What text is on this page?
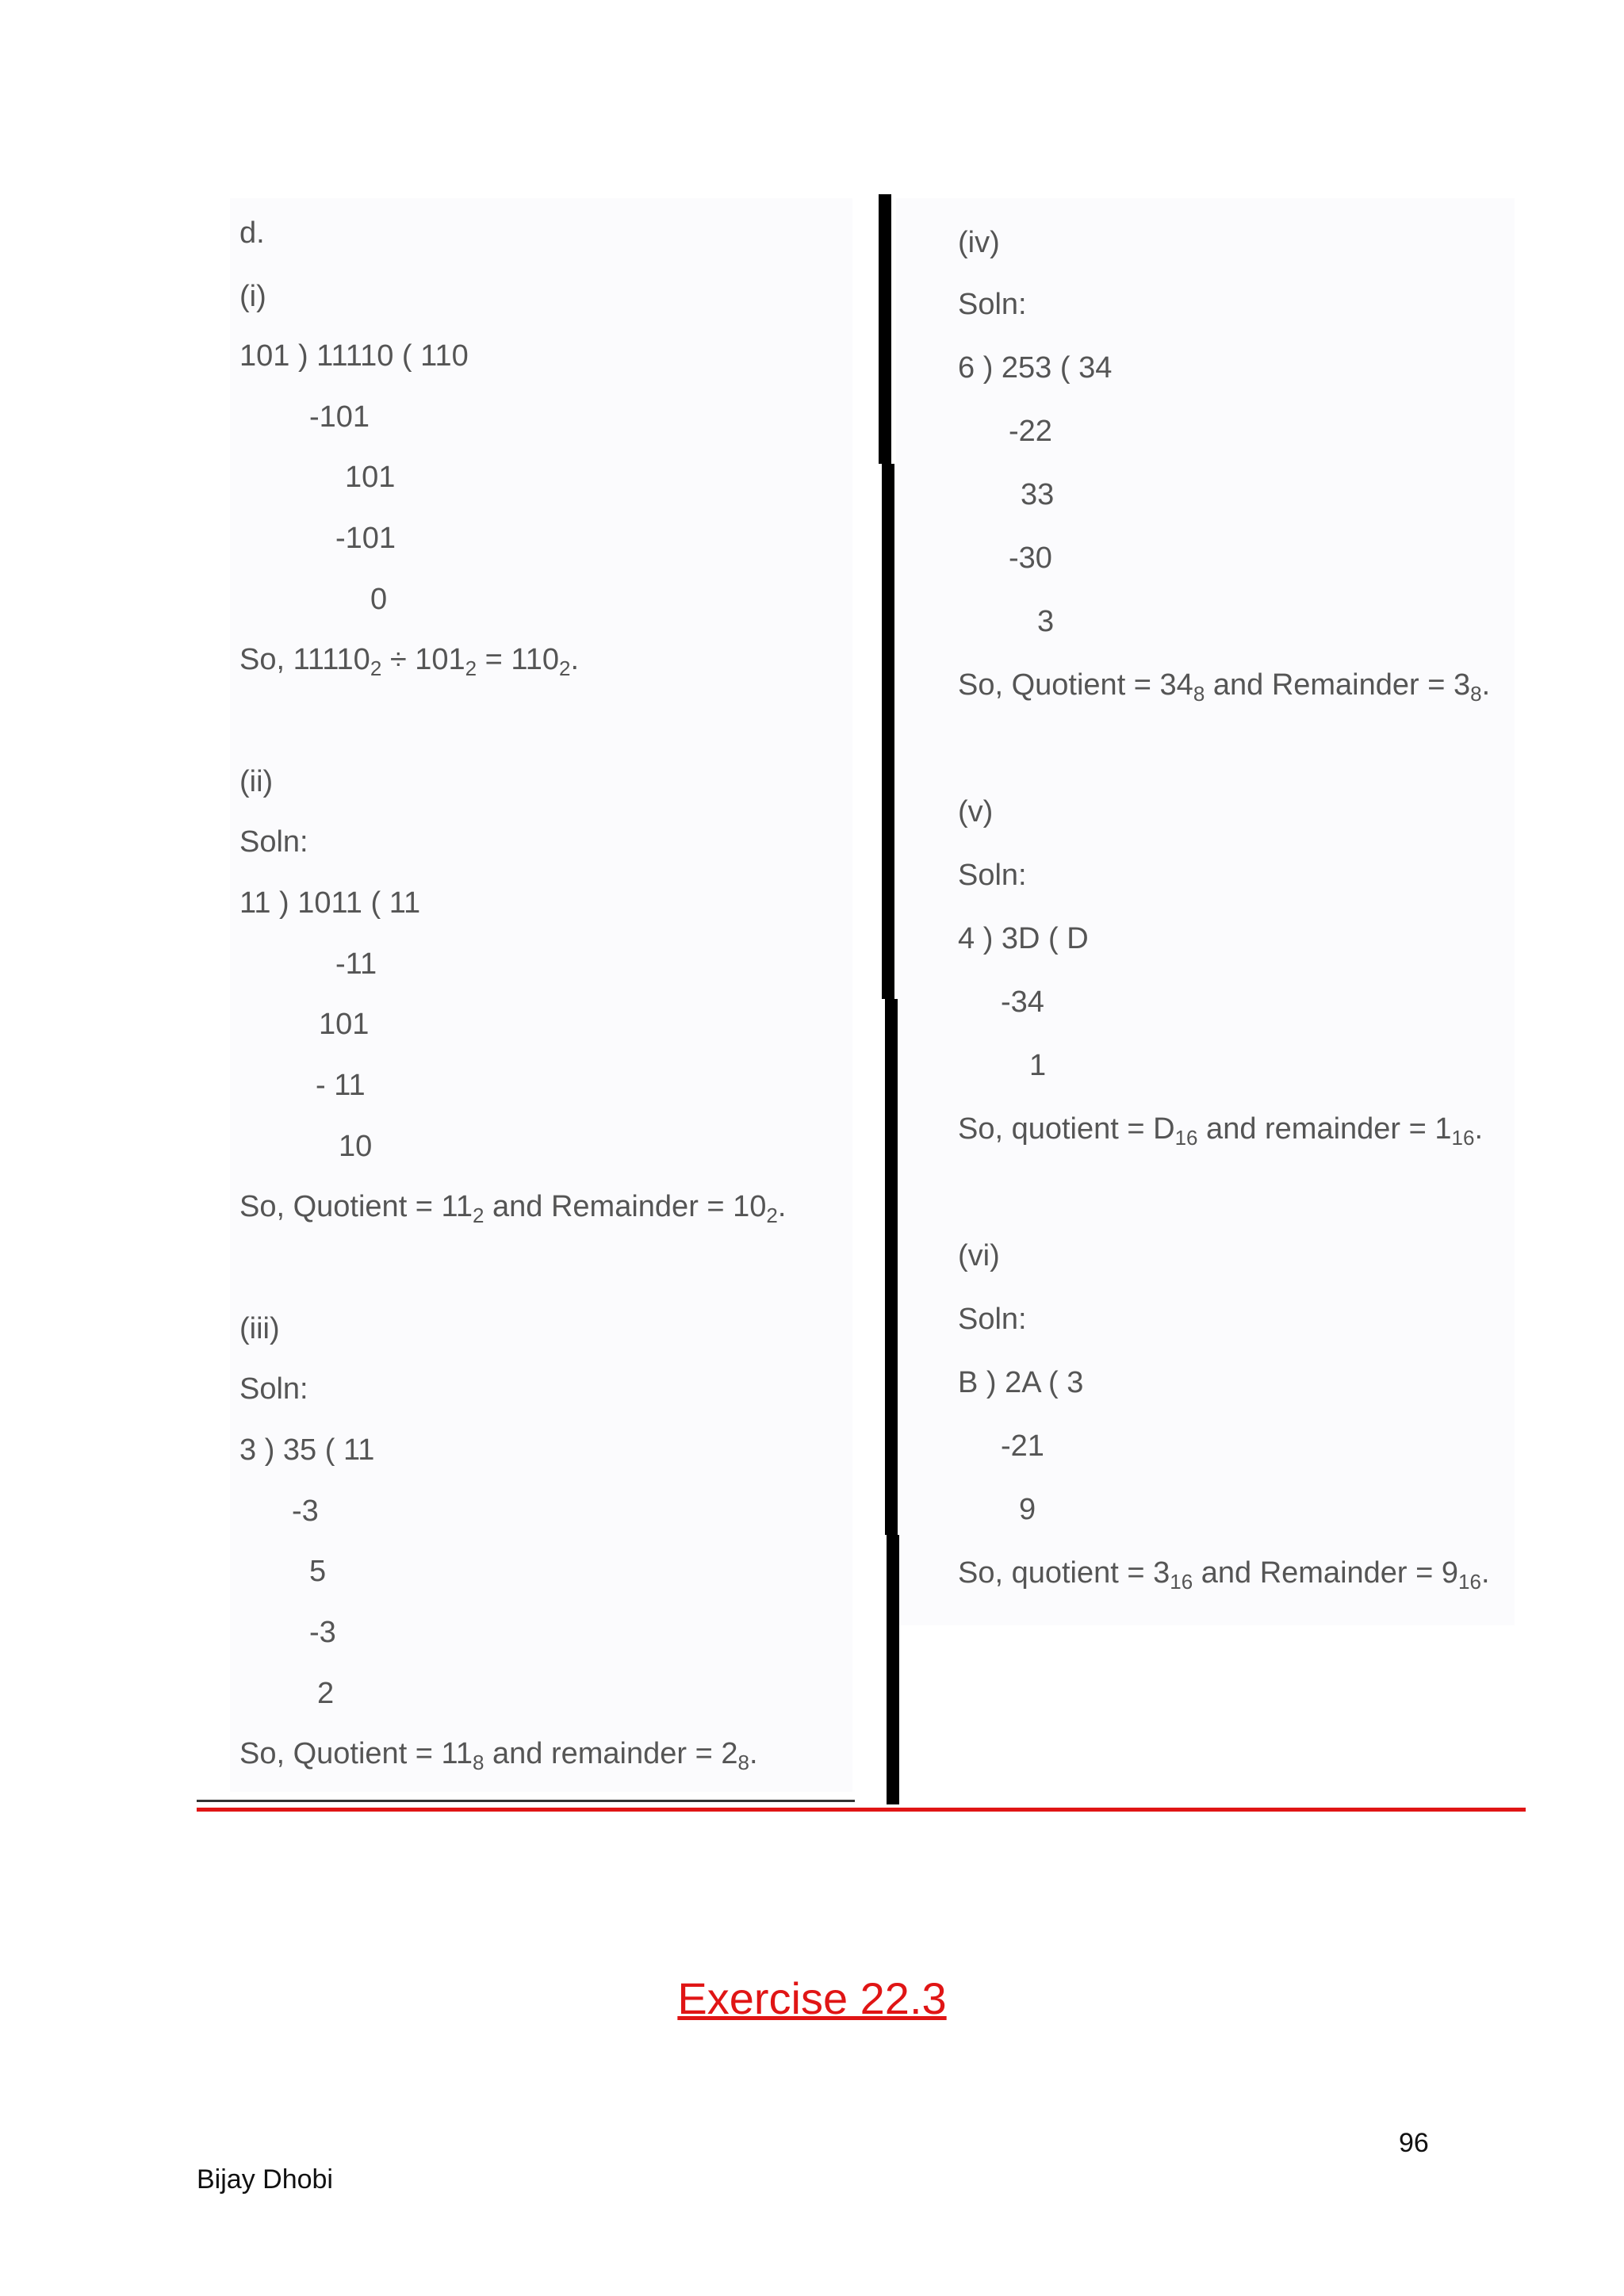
d.
(i)
101 ) 11110 ( 110
-101
101
-101
0
So, $11110_2 \div 101_2 = 110_2$.
(ii)
Soln:
11 ) 1011 ( 11
-11
101
- 11
10
So, Quotient = $11_2$ and Remainder = $10_2$.
(iii)
Soln:
3 ) 35 ( 11
-3
5
-3
2
So, Quotient = $11_8$ and remainder = $2_8$.
(iv)
Soln:
6 ) 253 ( 34
-22
33
-30
3
So, Quotient = $34_8$ and Remainder = $3_8$.
(v)
Soln:
4 ) 3D ( D
-34
1
So, quotient = $D_{16}$ and remainder = $1_{16}$.
(vi)
Soln:
B ) 2A ( 3
-21
9
So, quotient = $3_{16}$ and Remainder = $9_{16}$.
Exercise 22.3
96
Bijay Dhobi
